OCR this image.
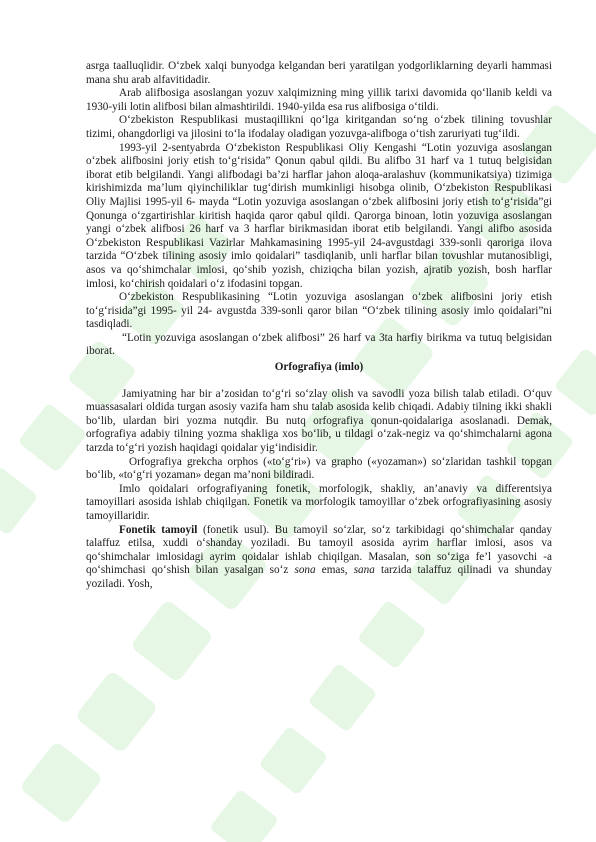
asrga taalluqlidir. O‘zbek xalqi bunyodga kelgandan beri yaratilgan yodgorliklarning deyarli hammasi mana shu arab alfavitidadir.

Arab alifbosiga asoslangan yozuv xalqimizning ming yillik tarixi davomida qo‘llanib keldi va 1930-yili lotin alifbosi bilan almashtirildi. 1940-yilda esa rus alifbosiga o‘tildi.

O‘zbekiston Respublikasi mustaqillikni qo‘lga kiritgandan so‘ng o‘zbek tilining tovushlar tizimi, ohangdorligi va jilosini to‘la ifodalay oladigan yozuvga-alifboga o‘tish zaruriyati tug‘ildi.

1993-yil 2-sentyabrda O‘zbekiston Respublikasi Oliy Kengashi “Lotin yozuviga asoslangan o‘zbek alifbosini joriy etish to‘g‘risida” Qonun qabul qildi. Bu alifbo 31 harf va 1 tutuq belgisidan iborat etib belgilandi. Yangi alifbodagi ba’zi harflar jahon aloqa-aralashuv (kommunikatsiya) tizimiga kirishimizda ma’lum qiyinchiliklar tug‘dirish mumkinligi hisobga olinib, O‘zbekiston Respublikasi Oliy Majlisi 1995-yil 6- mayda “Lotin yozuviga asoslangan o‘zbek alifbosini joriy etish to‘g‘risida”gi Qonunga o‘zgartirishlar kiritish haqida qaror qabul qildi. Qarorga binoan, lotin yozuviga asoslangan yangi o‘zbek alifbosi 26 harf va 3 harflar birikmasidan iborat etib belgilandi. Yangi alifbo asosida O‘zbekiston Respublikasi Vazirlar Mahkamasining 1995-yil 24-avgustdagi 339-sonli qaroriga ilova tarzida “O‘zbek tilining asosiy imlo qoidalari” tasdiqlanib, unli harflar bilan tovushlar mutanosibligi, asos va qo‘shimchalar imlosi, qo‘shib yozish, chiziqcha bilan yozish, ajratib yozish, bosh harflar imlosi, ko‘chirish qoidalari o‘z ifodasini topgan.

O‘zbekiston Respublikasining “Lotin yozuviga asoslangan o‘zbek alifbosini joriy etish to‘g‘risida”gi 1995- yil 24- avgustda 339-sonli qaror bilan “O‘zbek tilining asosiy imlo qoidalari”ni tasdiqladi.

“Lotin yozuviga asoslangan o‘zbek alifbosi” 26 harf va 3ta harfiy birikma va tutuq belgisidan iborat.

Orfografiya (imlo)

Jamiyatning har bir a’zosidan to‘g‘ri so‘zlay olish va savodli yoza bilish talab etiladi. O‘quv muassasalari oldida turgan asosiy vazifa ham shu talab asosida kelib chiqadi. Adabiy tilning ikki shakli bo‘lib, ulardan biri yozma nutqdir. Bu nutq orfografiya qonun-qoidalariga asoslanadi. Demak, orfografiya adabiy tilning yozma shakliga xos bo‘lib, u tildagi o‘zak-negiz va qo‘shimchalarni agona tarzda to‘g‘ri yozish haqidagi qoidalar yig‘indisidir.

Orfografiya grekcha orphos («to‘g‘ri») va grapho («yozaman») so‘zlaridan tashkil topgan bo‘lib, «to‘g‘ri yozaman» degan ma’noni bildiradi.

Imlo qoidalari orfografiyaning fonetik, morfologik, shakliy, an’anaviy va differentsiya tamoyillari asosida ishlab chiqilgan. Fonetik va morfologik tamoyillar o‘zbek orfografiyasining asosiy tamoyillaridir.

Fonetik tamoyil (fonetik usul). Bu tamoyil so‘zlar, so‘z tarkibidagi qo‘shimchalar qanday talaffuz etilsa, xuddi o‘shanday yoziladi. Bu tamoyil asosida ayrim harflar imlosi, asos va qo‘shimchalar imlosidagi ayrim qoidalar ishlab chiqilgan. Masalan, son so‘ziga fe’l yasovchi -a qo‘shimchasi qo‘shish bilan yasalgan so‘z sona emas, sana tarzida talaffuz qilinadi va shunday yoziladi. Yosh,
